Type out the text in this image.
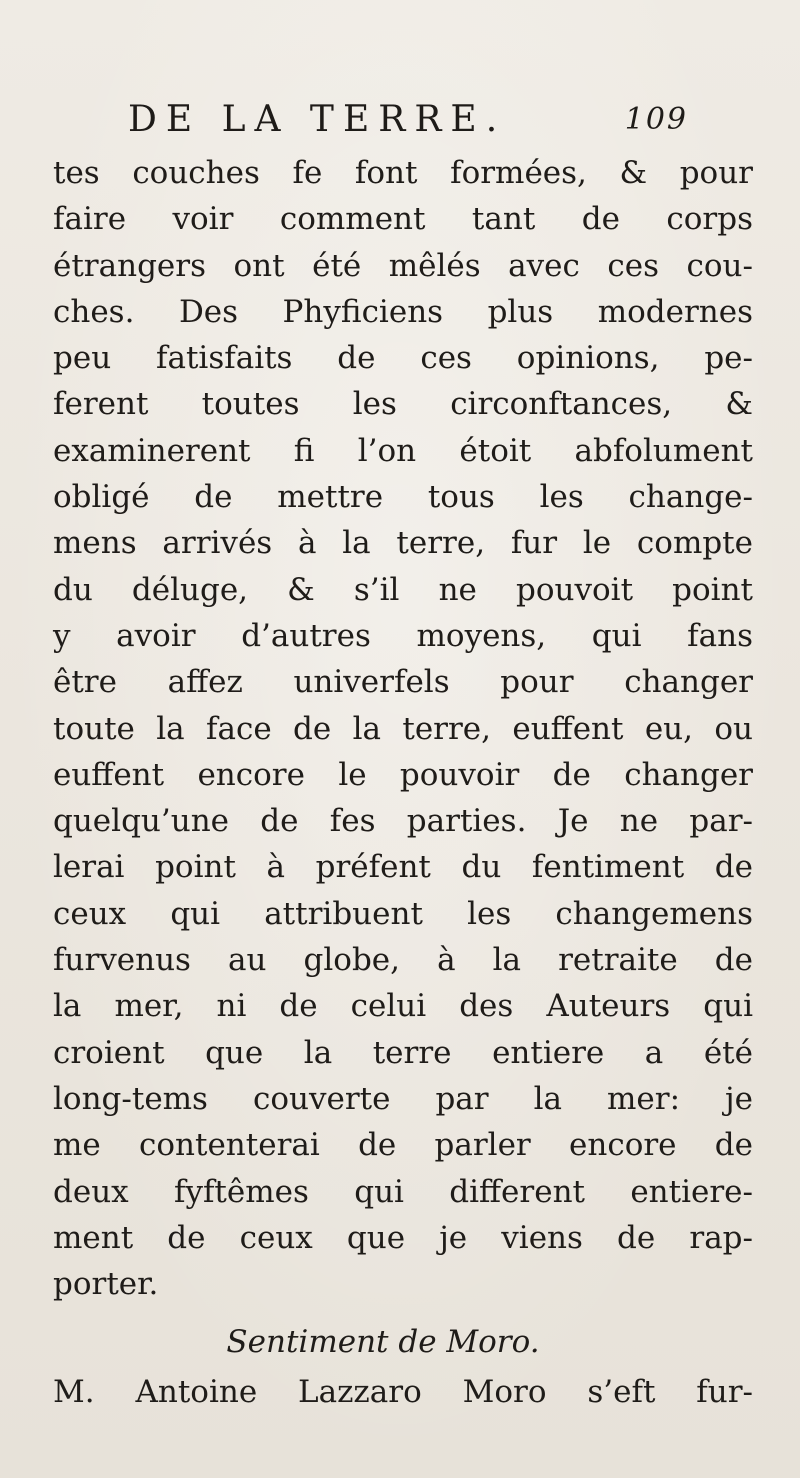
DE LA TERRE.	109
tes couches fe font formées, & pour
faire voir comment tant de corps
étrangers ont été mêlés avec ces cou-
ches. Des Phyficiens plus modernes
peu fatisfaits de ces opinions, pe-
ferent toutes les circonftances, &
examinerent fi l’on étoit abfolument
obligé de mettre tous les change-
mens arrivés à la terre, fur le compte
du déluge, & s’il ne pouvoit point
y avoir d’autres moyens, qui fans
être affez univerfels pour changer
toute la face de la terre, euffent eu, ou
euffent encore le pouvoir de changer
quelqu’une de fes parties. Je ne par-
lerai point à préfent du fentiment de
ceux qui attribuent les changemens
furvenus au globe, à la retraite de
la mer, ni de celui des Auteurs qui
croient que la terre entiere a été
long-tems couverte par la mer: je
me contenterai de parler encore de
deux fyftêmes qui different entiere-
ment de ceux que je viens de rap-
porter.
Sentiment de Moro.
M. Antoine Lazzaro Moro s’eft fur-
